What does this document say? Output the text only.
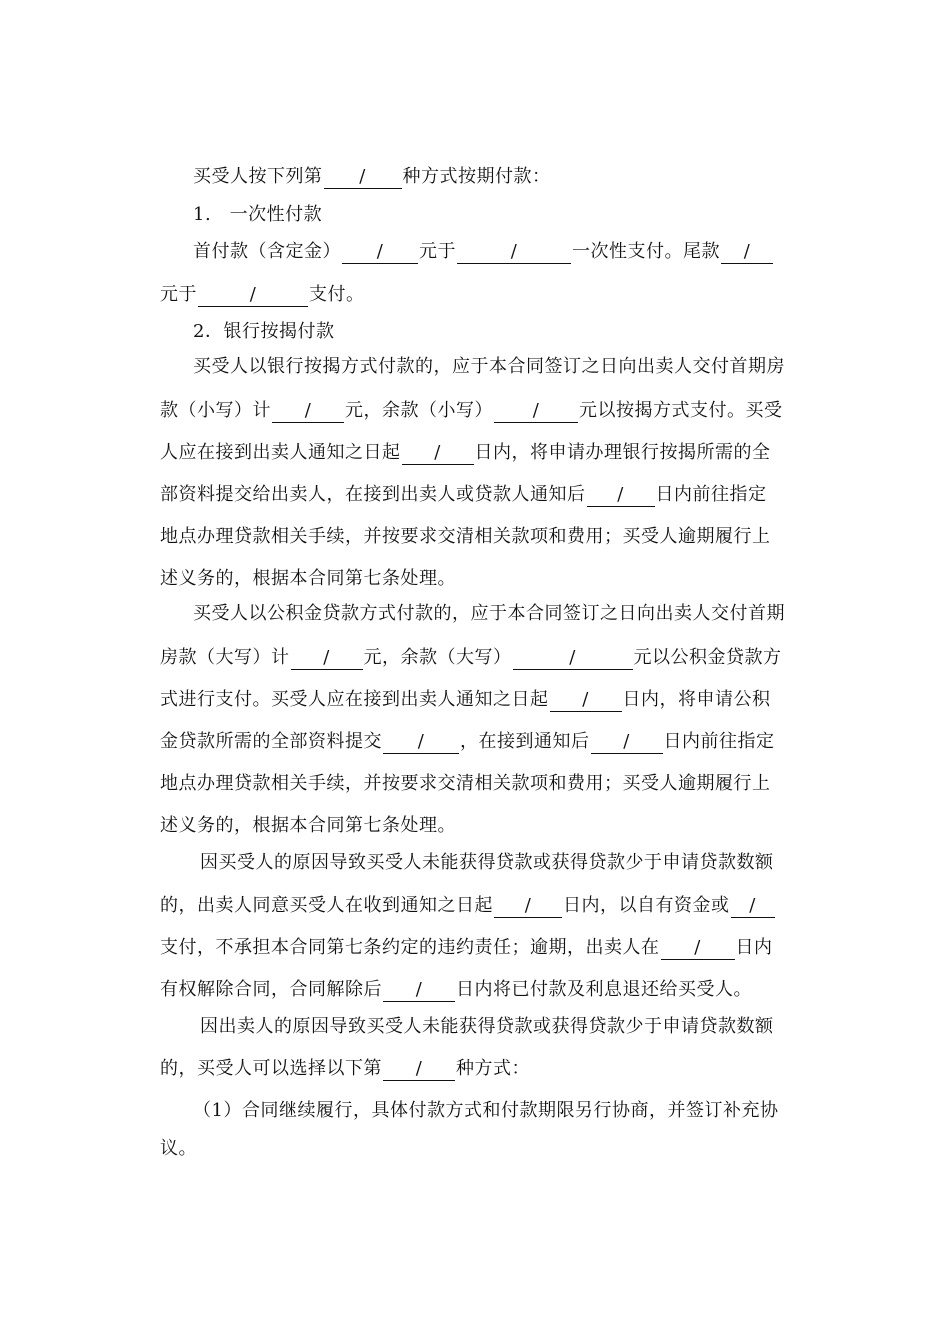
买受人按下列第 / 种方式按期付款：
1.　一次性付款
首付款（含定金） / 元于	/	一次性支付。尾款 /
元于	/	支付。
2．银行按揭付款
买受人以银行按揭方式付款的，应于本合同签订之日向出卖人交付首期房
款（小写）计 / 元，余款（小写） / 元以按揭方式支付。买受
人应在接到出卖人通知之日起 / 日内，将申请办理银行按揭所需的全
部资料提交给出卖人，在接到出卖人或贷款人通知后 / 日内前往指定
地点办理贷款相关手续，并按要求交清相关款项和费用；买受人逾期履行上
述义务的，根据本合同第七条处理。
买受人以公积金贷款方式付款的，应于本合同签订之日向出卖人交付首期
房款（大写）计 / 元，余款（大写）	/	元以公积金贷款方
式进行支付。买受人应在接到出卖人通知之日起 / 日内，将申请公积
金贷款所需的全部资料提交 / ，在接到通知后 / 日内前往指定
地点办理贷款相关手续，并按要求交清相关款项和费用；买受人逾期履行上
述义务的，根据本合同第七条处理。
因买受人的原因导致买受人未能获得贷款或获得贷款少于申请贷款数额
的，出卖人同意买受人在收到通知之日起 / 日内，以自有资金或 /
支付，不承担本合同第七条约定的违约责任；逾期，出卖人在 / 日内
有权解除合同，合同解除后 / 日内将已付款及利息退还给买受人。
因出卖人的原因导致买受人未能获得贷款或获得贷款少于申请贷款数额
的，买受人可以选择以下第 / 种方式：
（1）合同继续履行，具体付款方式和付款期限另行协商，并签订补充协
议。
